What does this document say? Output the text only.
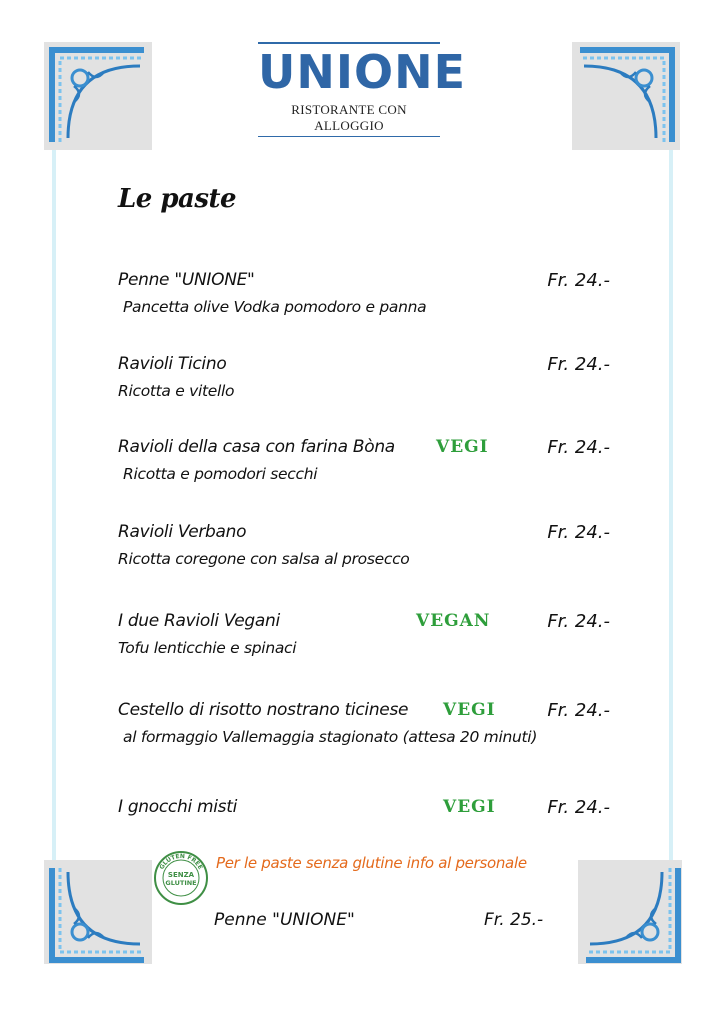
UNIONE
RISTORANTE CON ALLOGGIO
Le paste
Penne "UNIONE"
Pancetta olive Vodka pomodoro e panna
Fr. 24.-
Ravioli Ticino
Ricotta e vitello
Fr. 24.-
Ravioli della casa con farina Bòna
Ricotta e pomodori secchi
VEGI	Fr. 24.-
Ravioli Verbano
Ricotta coregone con salsa al prosecco
Fr. 24.-
I due Ravioli Vegani
Tofu lenticchie e spinaci
VEGAN	Fr. 24.-
Cestello di risotto nostrano ticinese
al formaggio Vallemaggia stagionato (attesa 20 minuti)
VEGI	Fr. 24.-
I gnocchi misti	VEGI	Fr. 24.-
GLUTEN FREE
SENZA
GLUTINE
Per le paste senza glutine info al personale
Penne "UNIONE"	Fr. 25.-
